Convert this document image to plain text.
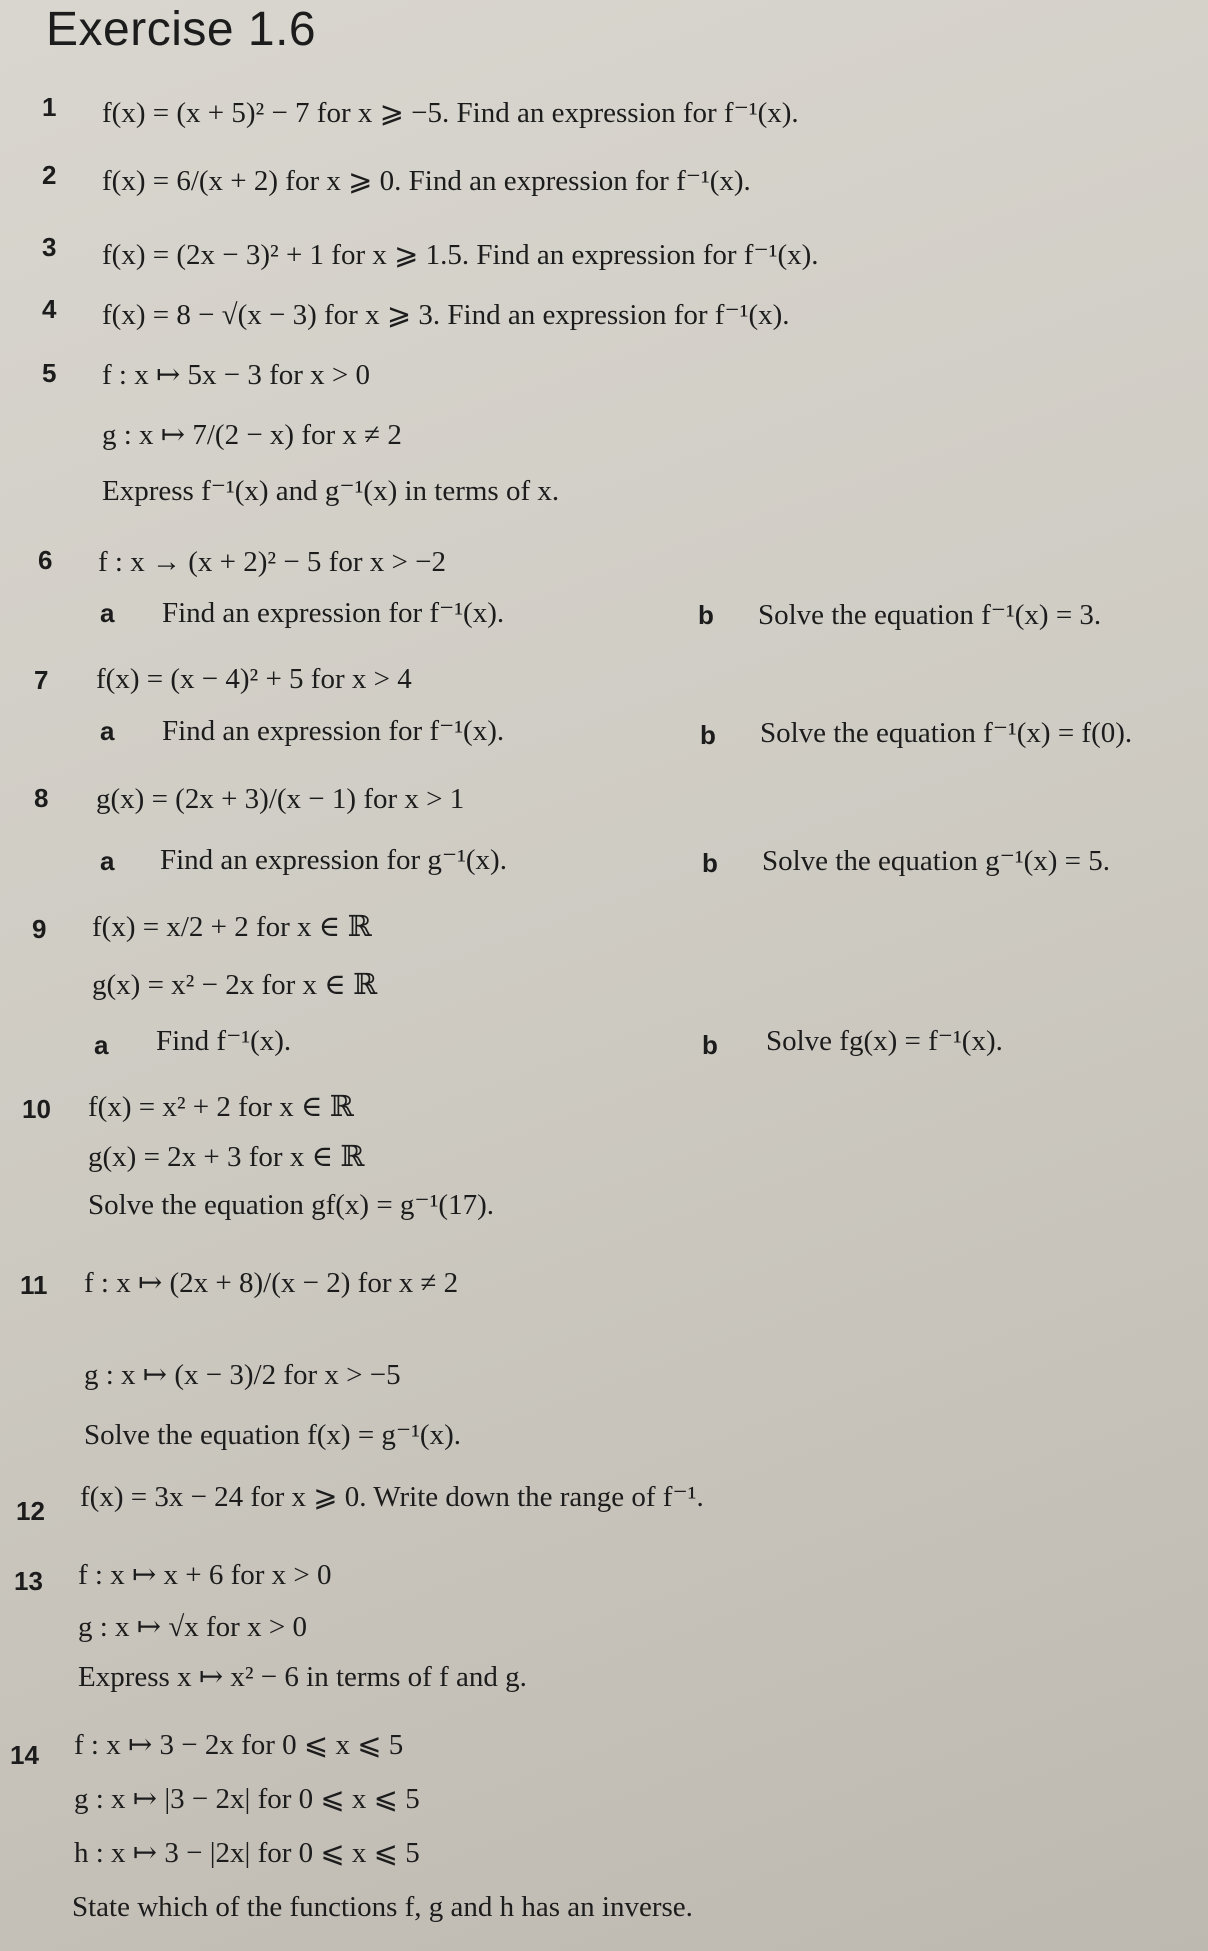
Exercise 1.6
1 f(x) = (x + 5)² − 7 for x ⩾ −5. Find an expression for f⁻¹(x).
2 f(x) = 6/(x + 2) for x ⩾ 0. Find an expression for f⁻¹(x).
3 f(x) = (2x − 3)² + 1 for x ⩾ 1.5. Find an expression for f⁻¹(x).
4 f(x) = 8 − √(x − 3) for x ⩾ 3. Find an expression for f⁻¹(x).
5 f : x ↦ 5x − 3 for x > 0
g : x ↦ 7/(2 − x) for x ≠ 2
Express f⁻¹(x) and g⁻¹(x) in terms of x.
6 f : x → (x + 2)² − 5 for x > −2
a Find an expression for f⁻¹(x).	b Solve the equation f⁻¹(x) = 3.
7 f(x) = (x − 4)² + 5 for x > 4
a Find an expression for f⁻¹(x).	b Solve the equation f⁻¹(x) = f(0).
8 g(x) = (2x + 3)/(x − 1) for x > 1
a Find an expression for g⁻¹(x).	b Solve the equation g⁻¹(x) = 5.
9 f(x) = x/2 + 2 for x ∈ ℝ
g(x) = x² − 2x for x ∈ ℝ
a Find f⁻¹(x).	b Solve fg(x) = f⁻¹(x).
10 f(x) = x² + 2 for x ∈ ℝ
g(x) = 2x + 3 for x ∈ ℝ
Solve the equation gf(x) = g⁻¹(17).
11 f : x ↦ (2x + 8)/(x − 2) for x ≠ 2
g : x ↦ (x − 3)/2 for x > −5
Solve the equation f(x) = g⁻¹(x).
12 f(x) = 3x − 24 for x ⩾ 0. Write down the range of f⁻¹.
13 f : x ↦ x + 6 for x > 0
g : x ↦ √x for x > 0
Express x ↦ x² − 6 in terms of f and g.
14 f : x ↦ 3 − 2x for 0 ⩽ x ⩽ 5
g : x ↦ |3 − 2x| for 0 ⩽ x ⩽ 5
h : x ↦ 3 − |2x| for 0 ⩽ x ⩽ 5
State which of the functions f, g and h has an inverse.
